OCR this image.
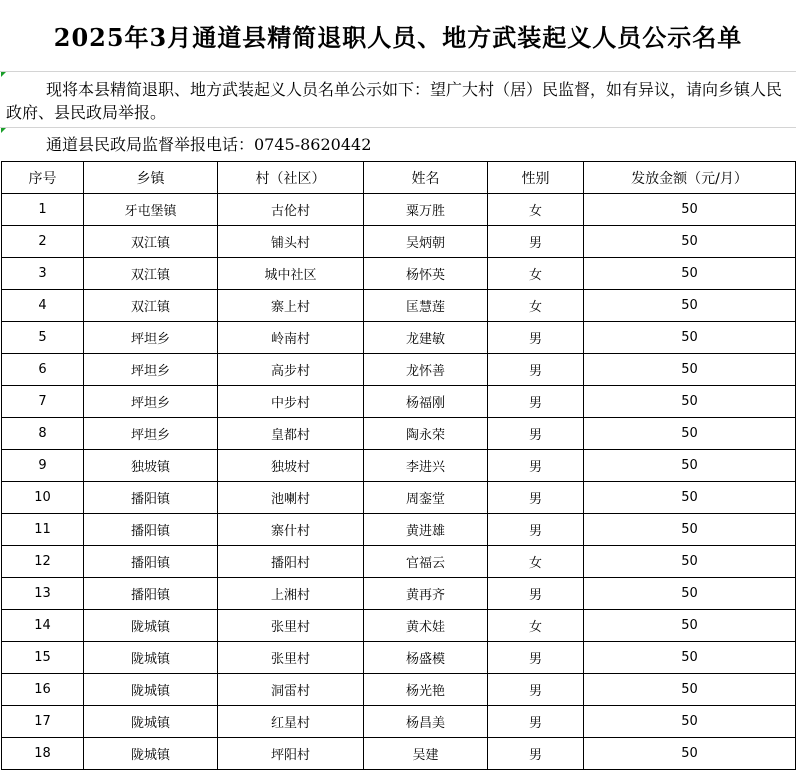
2025年3月通道县精简退职人员、地方武装起义人员公示名单
现将本县精简退职、地方武装起义人员名单公示如下：望广大村（居）民监督，如有异议，请向乡镇人民政府、县民政局举报。
通道县民政局监督举报电话：0745-8620442
序号	乡镇	村（社区）	姓名	性别	发放金额（元/月）
1	牙屯堡镇	古伦村	粟万胜	女	50
2	双江镇	铺头村	吴炳朝	男	50
3	双江镇	城中社区	杨怀英	女	50
4	双江镇	寨上村	匡慧莲	女	50
5	坪坦乡	岭南村	龙建敏	男	50
6	坪坦乡	高步村	龙怀善	男	50
7	坪坦乡	中步村	杨福刚	男	50
8	坪坦乡	皇都村	陶永荣	男	50
9	独坡镇	独坡村	李进兴	男	50
10	播阳镇	池喇村	周銮堂	男	50
11	播阳镇	寨什村	黄进雄	男	50
12	播阳镇	播阳村	官福云	女	50
13	播阳镇	上湘村	黄再齐	男	50
14	陇城镇	张里村	黄术娃	女	50
15	陇城镇	张里村	杨盛模	男	50
16	陇城镇	洞雷村	杨光艳	男	50
17	陇城镇	红星村	杨昌美	男	50
18	陇城镇	坪阳村	吴建	男	50
